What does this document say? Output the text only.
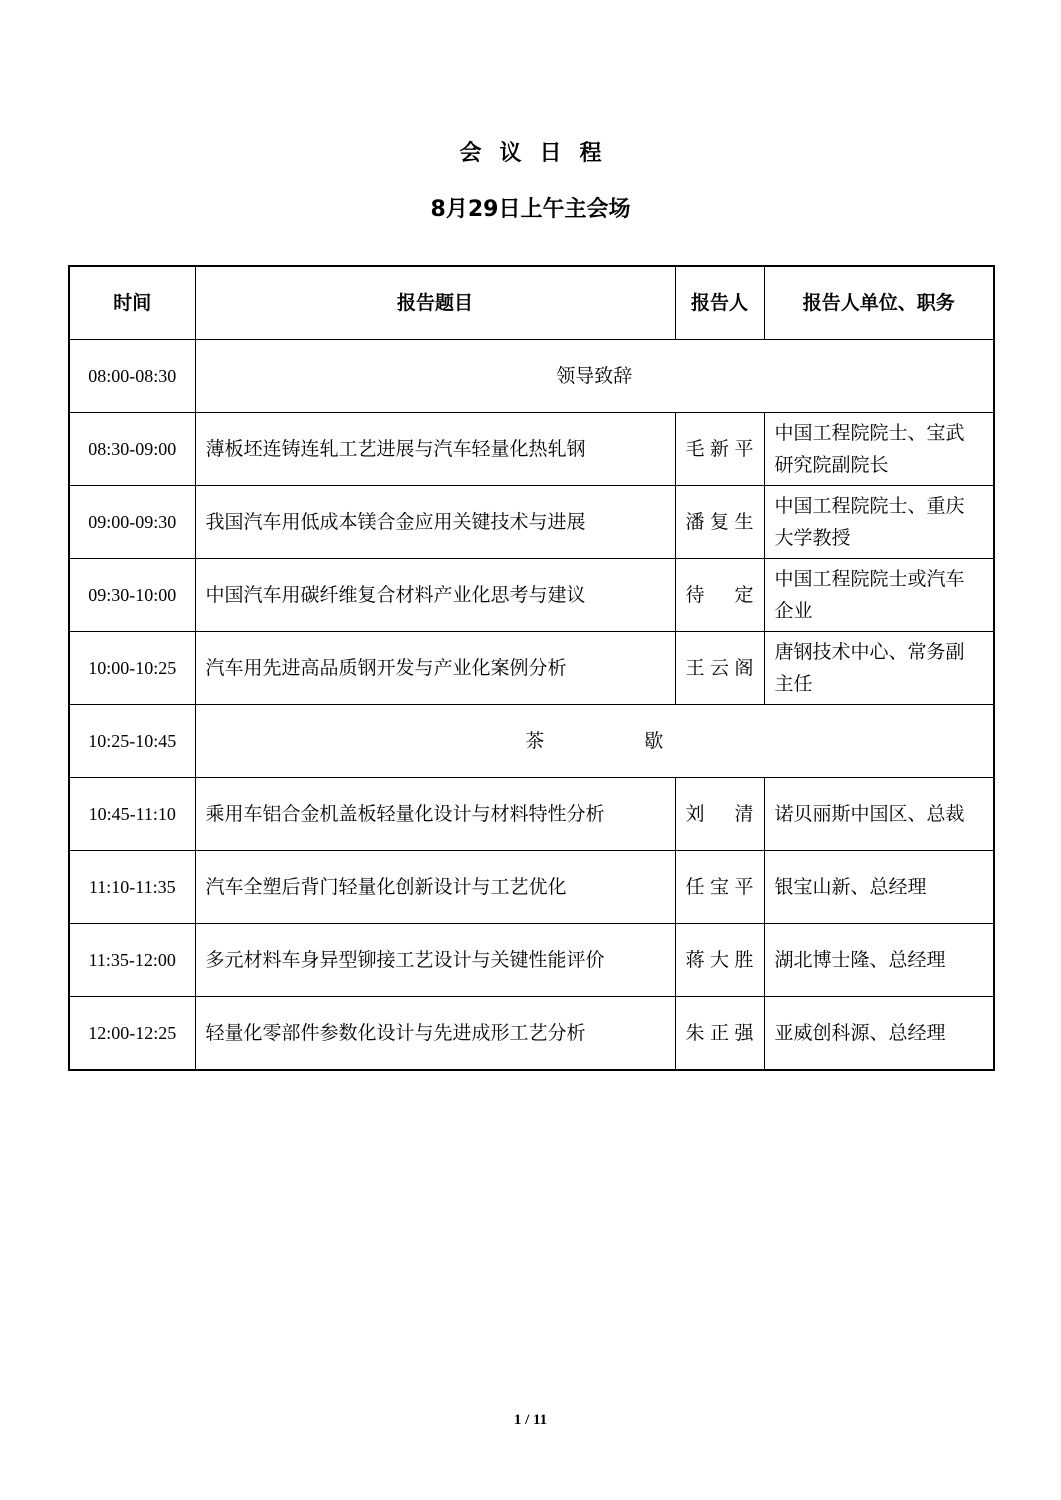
会议日程
8月29日上午主会场
时间	报告题目	报告人	报告人单位、职务
08:00-08:30	领导致辞		
08:30-09:00	薄板坯连铸连轧工艺进展与汽车轻量化热轧钢	毛新平	中国工程院院士、宝武研究院副院长
09:00-09:30	我国汽车用低成本镁合金应用关键技术与进展	潘复生	中国工程院院士、重庆大学教授
09:30-10:00	中国汽车用碳纤维复合材料产业化思考与建议	待定	中国工程院院士或汽车企业
10:00-10:25	汽车用先进高品质钢开发与产业化案例分析	王云阁	唐钢技术中心、常务副主任
10:25-10:45	茶歇		
10:45-11:10	乘用车铝合金机盖板轻量化设计与材料特性分析	刘清	诺贝丽斯中国区、总裁
11:10-11:35	汽车全塑后背门轻量化创新设计与工艺优化	任宝平	银宝山新、总经理
11:35-12:00	多元材料车身异型铆接工艺设计与关键性能评价	蒋大胜	湖北博士隆、总经理
12:00-12:25	轻量化零部件参数化设计与先进成形工艺分析	朱正强	亚威创科源、总经理
1 / 11
